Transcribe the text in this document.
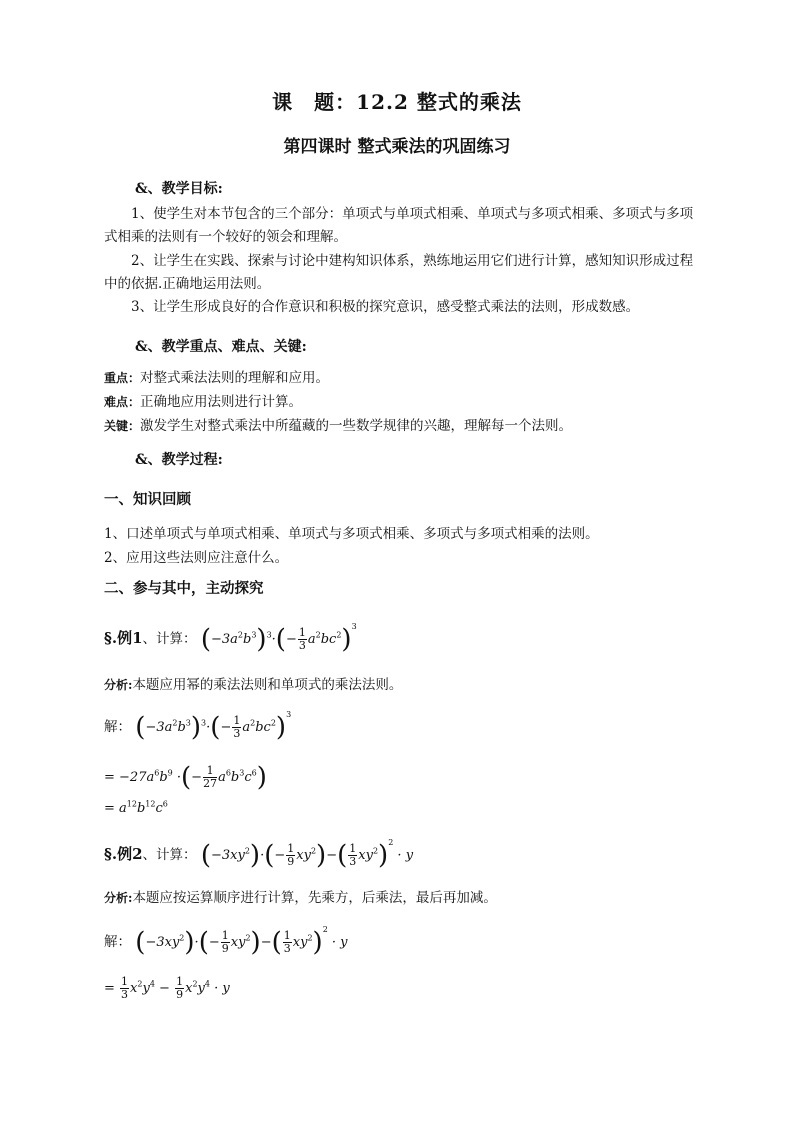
课　题：12.2 整式的乘法
第四课时 整式乘法的巩固练习
&、教学目标:
1、使学生对本节包含的三个部分：单项式与单项式相乘、单项式与多项式相乘、多项式与多项式相乘的法则有一个较好的领会和理解。
2、让学生在实践、探索与讨论中建构知识体系，熟练地运用它们进行计算，感知知识形成过程中的依据.正确地运用法则。
3、让学生形成良好的合作意识和积极的探究意识，感受整式乘法的法则，形成数感。
&、教学重点、难点、关键:
重点：对整式乘法法则的理解和应用。
难点：正确地应用法则进行计算。
关键：激发学生对整式乘法中所蕴藏的一些数学规律的兴趣，理解每一个法则。
&、教学过程:
一、知识回顾
1、口述单项式与单项式相乘、单项式与多项式相乘、多项式与多项式相乘的法则。
2、应用这些法则应注意什么。
二、参与其中，主动探究
§.例1、计算： $(-3a^2b^3)^3\cdot(- \frac{1}{3} a^2bc^2)^3$
分析:本题应用幂的乘法法则和单项式的乘法法则。
解： $(-3a^2b^3)^3\cdot(- \frac{1}{3} a^2bc^2)^3$
= $-27a^6b^9$ ·(− $\frac{1}{27} a^6b^3c^6$)
= $a^{12}b^{12}c^6$
§.例2、计算： $(-3xy^2)\cdot(- \frac{1}{9} xy^2)-( \frac{1}{3} xy^2)^2 \cdot y$
分析:本题应按运算顺序进行计算，先乘方，后乘法，最后再加减。
解： $(-3xy^2)\cdot(- \frac{1}{9} xy^2)-( \frac{1}{3} xy^2)^2 \cdot y$
= $\frac{1}{3} x^2y^4 - \frac{1}{9} x^2y^4 \cdot y$
